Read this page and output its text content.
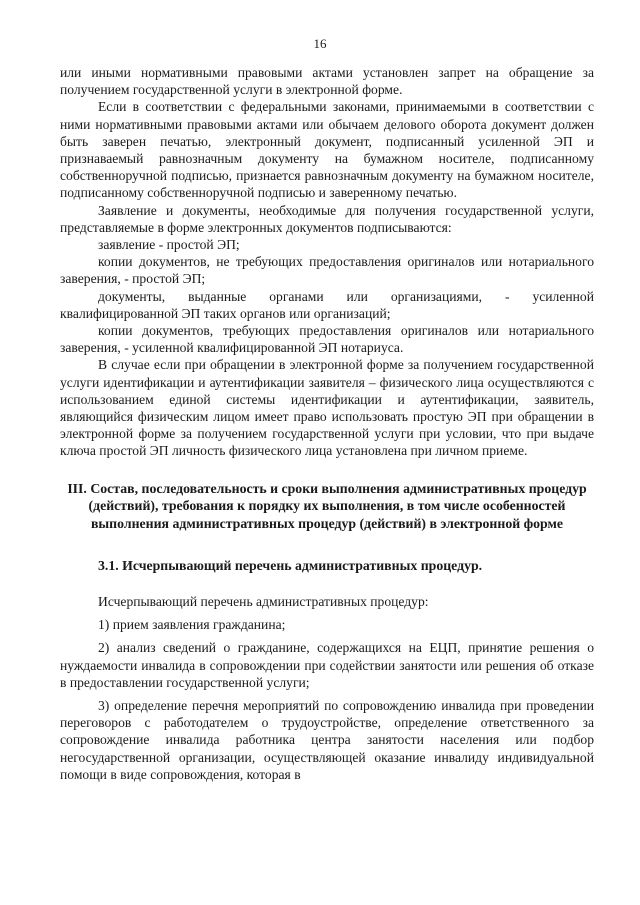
16

или иными нормативными правовыми актами установлен запрет на обращение за получением государственной услуги в электронной форме.

Если в соответствии с федеральными законами, принимаемыми в соответствии с ними нормативными правовыми актами или обычаем делового оборота документ должен быть заверен печатью, электронный документ, подписанный усиленной ЭП и признаваемый равнозначным документу на бумажном носителе, подписанному собственноручной подписью, признается равнозначным документу на бумажном носителе, подписанному собственноручной подписью и заверенному печатью.

Заявление и документы, необходимые для получения государственной услуги, представляемые в форме электронных документов подписываются:

заявление - простой ЭП;

копии документов, не требующих предоставления оригиналов или нотариального заверения, - простой ЭП;

документы, выданные органами или организациями, - усиленной квалифицированной ЭП таких органов или организаций;

копии документов, требующих предоставления оригиналов или нотариального заверения, - усиленной квалифицированной ЭП нотариуса.

В случае если при обращении в электронной форме за получением государственной услуги идентификации и аутентификации заявителя – физического лица осуществляются с использованием единой системы идентификации и аутентификации, заявитель, являющийся физическим лицом имеет право использовать простую ЭП при обращении в электронной форме за получением государственной услуги при условии, что при выдаче ключа простой ЭП личность физического лица установлена при личном приеме.

III. Состав, последовательность и сроки выполнения административных процедур (действий), требования к порядку их выполнения, в том числе особенностей выполнения административных процедур (действий) в электронной форме

3.1. Исчерпывающий перечень административных процедур.

Исчерпывающий перечень административных процедур:

1) прием заявления гражданина;

2) анализ сведений о гражданине, содержащихся на ЕЦП, принятие решения о нуждаемости инвалида в сопровождении при содействии занятости или решения об отказе в предоставлении государственной услуги;

3) определение перечня мероприятий по сопровождению инвалида при проведении переговоров с работодателем о трудоустройстве, определение ответственного за сопровождение инвалида работника центра занятости населения или подбор негосударственной организации, осуществляющей оказание инвалиду индивидуальной помощи в виде сопровождения, которая в
